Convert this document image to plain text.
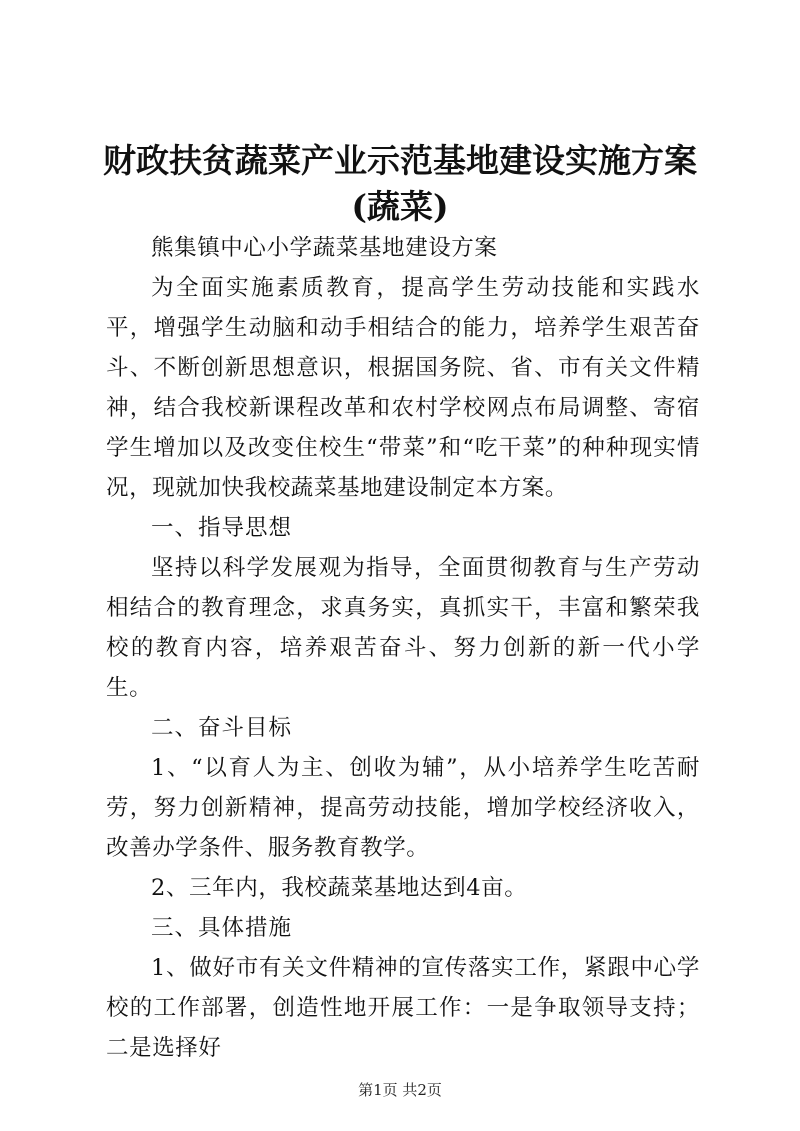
财政扶贫蔬菜产业示范基地建设实施方案(蔬菜)

熊集镇中心小学蔬菜基地建设方案

为全面实施素质教育，提高学生劳动技能和实践水平，增强学生动脑和动手相结合的能力，培养学生艰苦奋斗、不断创新思想意识，根据国务院、省、市有关文件精神，结合我校新课程改革和农村学校网点布局调整、寄宿学生增加以及改变住校生“带菜”和“吃干菜”的种种现实情况，现就加快我校蔬菜基地建设制定本方案。

一、指导思想

坚持以科学发展观为指导，全面贯彻教育与生产劳动相结合的教育理念，求真务实，真抓实干，丰富和繁荣我校的教育内容，培养艰苦奋斗、努力创新的新一代小学生。

二、奋斗目标

1、“以育人为主、创收为辅”，从小培养学生吃苦耐劳，努力创新精神，提高劳动技能，增加学校经济收入，改善办学条件、服务教育教学。

2、三年内，我校蔬菜基地达到4亩。

三、具体措施

1、做好市有关文件精神的宣传落实工作，紧跟中心学校的工作部署，创造性地开展工作：一是争取领导支持；二是选择好

第1页 共2页
